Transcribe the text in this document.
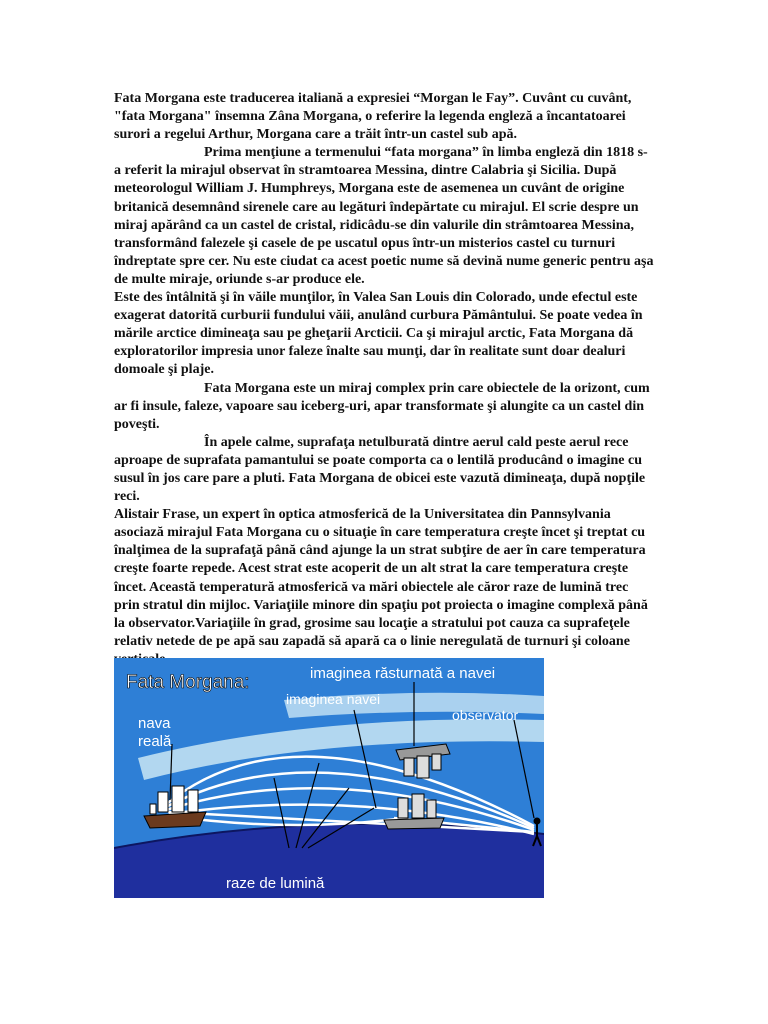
Fata Morgana este traducerea italiană a expresiei “Morgan le Fay”. Cuvânt cu cuvânt, "fata Morgana" însemna Zâna Morgana, o referire la legenda engleză a încantatoarei surori a regelui Arthur, Morgana care a trăit într-un castel sub apă.

Prima menţiune a termenului “fata morgana” în limba engleză din 1818 s-a referit la mirajul observat în stramtoarea Messina, dintre Calabria şi Sicilia. După meteorologul William J. Humphreys, Morgana este de asemenea un cuvânt de origine britanică desemnând sirenele care au legături îndepărtate cu mirajul. El scrie despre un miraj apărând ca un castel de cristal, ridicâdu-se din valurile din strâmtoarea Messina, transformând falezele şi casele de pe uscatul opus într-un misterios castel cu turnuri îndreptate spre cer. Nu este ciudat ca acest poetic nume să devină nume generic pentru aşa de multe miraje, oriunde s-ar produce ele.

Este des întâlnită şi în văile munţilor, în Valea San Louis din Colorado, unde efectul este exagerat datorită curburii fundului văii, anulând curbura Pământului. Se poate vedea în mările arctice dimineaţa sau pe gheţarii Arcticii. Ca şi mirajul arctic, Fata Morgana dă exploratorilor impresia unor faleze înalte sau munţi, dar în realitate sunt doar dealuri domoale şi plaje.

Fata Morgana este un miraj complex prin care obiectele de la orizont, cum ar fi insule, faleze, vapoare sau iceberg-uri, apar transformate şi alungite ca un castel din poveşti.

În apele calme, suprafaţa netulburată dintre aerul cald peste aerul rece aproape de suprafata pamantului se poate comporta ca o lentilă producând o imagine cu susul în jos care pare a pluti. Fata Morgana de obicei este vazută dimineaţa, după nopţile reci.

Alistair Frase, un expert în optica atmosferică de la Universitatea din Pannsylvania asociază mirajul Fata Morgana cu o situaţie în care temperatura creşte încet şi treptat cu înalţimea de la suprafaţă până când ajunge la un strat subţire de aer în care temperatura creşte foarte repede. Acest strat este acoperit de un alt strat la care temperatura creşte încet. Această temperatură atmosferică va mări obiectele ale căror raze de lumină trec prin stratul din mijloc. Variaţiile minore din spaţiu pot proiecta o imagine complexă până la observator.Variaţiile în grad, grosime sau locaţie a stratului pot cauza ca suprafeţele relativ netede de pe apă sau zapadă să apară ca o linie neregulată de turnuri şi coloane

Fata Morgana:	imaginea răsturnată a navei
imaginea navei
observator
nava
reală
raze de lumină
